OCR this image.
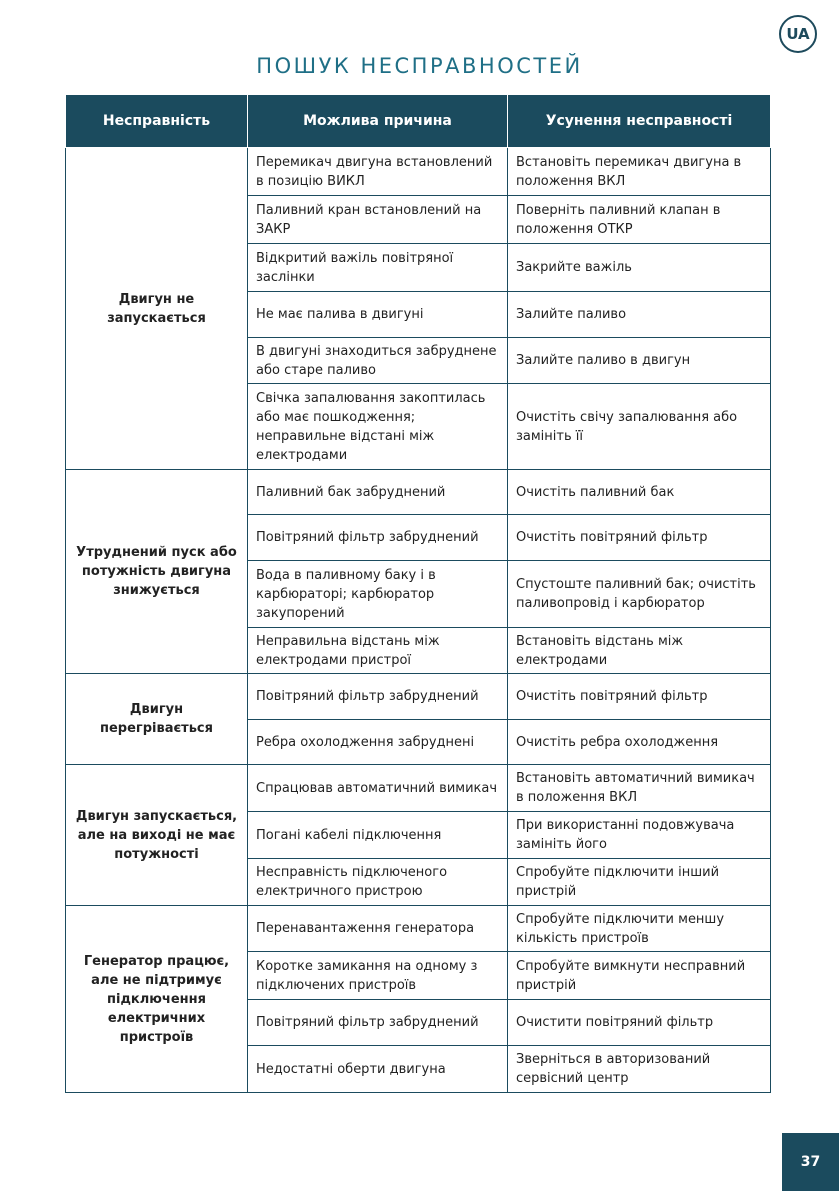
UA
ПОШУК НЕСПРАВНОСТЕЙ
Несправність	Можлива причина	Усунення несправності
Двигун не запускається	Перемикач двигуна встановлений в позицію ВИКЛ	Встановіть перемикач двигуна в положення ВКЛ
	Паливний кран встановлений на ЗАКР	Поверніть паливний клапан в положення ОТКР
	Відкритий важіль повітряної заслінки	Закрийте важіль
	Не має палива в двигуні	Залийте паливо
	В двигуні знаходиться забруднене або старе паливо	Залийте паливо в двигун
	Свічка запалювання закоптилась або має пошкодження; неправильне відстані між електродами	Очистіть свічу запалювання або замініть її
Утруднений пуск або потужність двигуна знижується	Паливний бак забруднений	Очистіть паливний бак
	Повітряний фільтр забруднений	Очистіть повітряний фільтр
	Вода в паливному баку і в карбюраторі; карбюратор закупорений	Спустоште паливний бак; очистіть паливопровід і карбюратор
	Неправильна відстань між електродами пристрої	Встановіть відстань між електродами
Двигун перегрівається	Повітряний фільтр забруднений	Очистіть повітряний фільтр
	Ребра охолодження забруднені	Очистіть ребра охолодження
Двигун запускається, але на виході не має потужності	Спрацював автоматичний вимикач	Встановіть автоматичний вимикач в положення ВКЛ
	Погані кабелі підключення	При використанні подовжувача замініть його
	Несправність підключеного електричного пристрою	Спробуйте підключити інший пристрій
Генератор працює, але не підтримує підключення електричних пристроїв	Перенавантаження генератора	Спробуйте підключити меншу кількість пристроїв
	Коротке замикання на одному з підключених пристроїв	Спробуйте вимкнути несправний пристрій
	Повітряний фільтр забруднений	Очистити повітряний фільтр
	Недостатні оберти двигуна	Зверніться в авторизований сервісний центр
37
